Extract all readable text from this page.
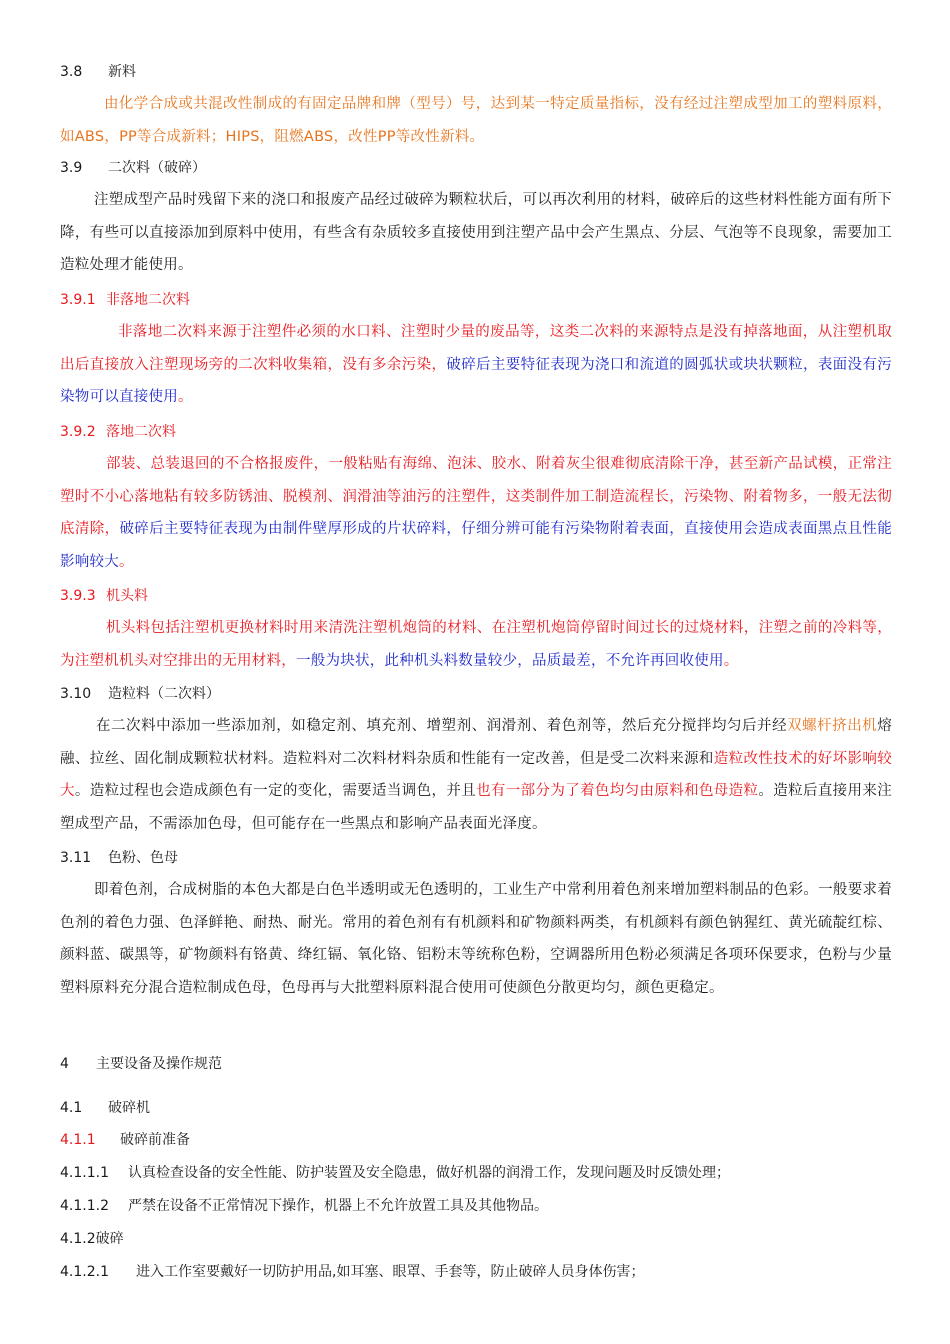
3.8 新料
由化学合成或共混改性制成的有固定品牌和牌（型号）号，达到某一特定质量指标，没有经过注塑成型加工的塑料原料，如ABS，PP等合成新料；HIPS，阻燃ABS，改性PP等改性新料。
3.9 二次料（破碎）
注塑成型产品时残留下来的浇口和报废产品经过破碎为颗粒状后，可以再次利用的材料，破碎后的这些材料性能方面有所下降，有些可以直接添加到原料中使用，有些含有杂质较多直接使用到注塑产品中会产生黑点、分层、气泡等不良现象，需要加工造粒处理才能使用。
3.9.1 非落地二次料
非落地二次料来源于注塑件必须的水口料、注塑时少量的废品等，这类二次料的来源特点是没有掉落地面，从注塑机取出后直接放入注塑现场旁的二次料收集箱，没有多余污染，破碎后主要特征表现为浇口和流道的圆弧状或块状颗粒，表面没有污染物可以直接使用。
3.9.2 落地二次料
部装、总装退回的不合格报废件，一般粘贴有海绵、泡沫、胶水、附着灰尘很难彻底清除干净，甚至新产品试模，正常注塑时不小心落地粘有较多防锈油、脱模剂、润滑油等油污的注塑件，这类制件加工制造流程长，污染物、附着物多，一般无法彻底清除，破碎后主要特征表现为由制件壁厚形成的片状碎料，仔细分辨可能有污染物附着表面，直接使用会造成表面黑点且性能影响较大。
3.9.3 机头料
机头料包括注塑机更换材料时用来清洗注塑机炮筒的材料、在注塑机炮筒停留时间过长的过烧材料，注塑之前的冷料等，为注塑机机头对空排出的无用材料，一般为块状，此种机头料数量较少，品质最差，不允许再回收使用。
3.10 造粒料（二次料）
在二次料中添加一些添加剂，如稳定剂、填充剂、增塑剂、润滑剂、着色剂等，然后充分搅拌均匀后并经双螺杆挤出机熔融、拉丝、固化制成颗粒状材料。造粒料对二次料材料杂质和性能有一定改善，但是受二次料来源和造粒改性技术的好坏影响较大。造粒过程也会造成颜色有一定的变化，需要适当调色，并且也有一部分为了着色均匀由原料和色母造粒。造粒后直接用来注塑成型产品，不需添加色母，但可能存在一些黑点和影响产品表面光泽度。
3.11 色粉、色母
即着色剂，合成树脂的本色大都是白色半透明或无色透明的，工业生产中常利用着色剂来增加塑料制品的色彩。一般要求着色剂的着色力强、色泽鲜艳、耐热、耐光。常用的着色剂有有机颜料和矿物颜料两类，有机颜料有颜色钠猩红、黄光硫靛红棕、颜料蓝、碳黑等，矿物颜料有铬黄、绛红镉、氧化铬、铝粉末等统称色粉，空调器所用色粉必须满足各项环保要求，色粉与少量塑料原料充分混合造粒制成色母，色母再与大批塑料原料混合使用可使颜色分散更均匀，颜色更稳定。
4 主要设备及操作规范
4.1 破碎机
4.1.1 破碎前准备
4.1.1.1 认真检查设备的安全性能、防护装置及安全隐患，做好机器的润滑工作，发现问题及时反馈处理；
4.1.1.2 严禁在设备不正常情况下操作，机器上不允许放置工具及其他物品。
4.1.2破碎
4.1.2.1 进入工作室要戴好一切防护用品,如耳塞、眼罩、手套等，防止破碎人员身体伤害；
